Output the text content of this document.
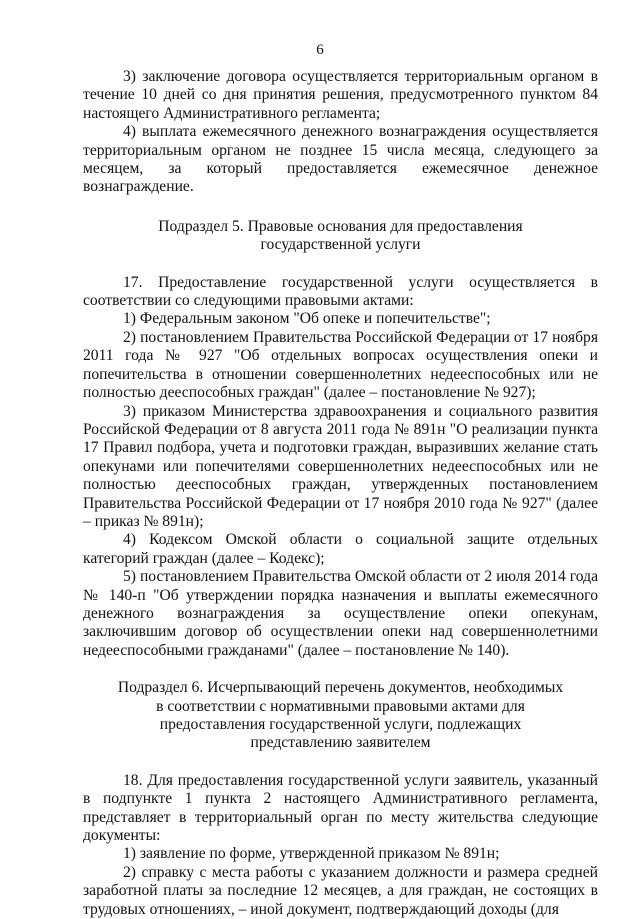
6

3) заключение договора осуществляется территориальным органом в течение 10 дней со дня принятия решения, предусмотренного пунктом 84 настоящего Административного регламента;

4) выплата ежемесячного денежного вознаграждения осуществляется территориальным органом не позднее 15 числа месяца, следующего за месяцем, за который предоставляется ежемесячное денежное вознаграждение.

Подраздел 5. Правовые основания для предоставления
государственной услуги

17. Предоставление государственной услуги осуществляется в соответствии со следующими правовыми актами:

1) Федеральным законом "Об опеке и попечительстве";

2) постановлением Правительства Российской Федерации от 17 ноября 2011 года № 927 "Об отдельных вопросах осуществления опеки и попечительства в отношении совершеннолетних недееспособных или не полностью дееспособных граждан" (далее – постановление № 927);

3) приказом Министерства здравоохранения и социального развития Российской Федерации от 8 августа 2011 года № 891н "О реализации пункта 17 Правил подбора, учета и подготовки граждан, выразивших желание стать опекунами или попечителями совершеннолетних недееспособных или не полностью дееспособных граждан, утвержденных постановлением Правительства Российской Федерации от 17 ноября 2010 года № 927" (далее – приказ № 891н);

4) Кодексом Омской области о социальной защите отдельных категорий граждан (далее – Кодекс);

5) постановлением Правительства Омской области от 2 июля 2014 года № 140-п "Об утверждении порядка назначения и выплаты ежемесячного денежного вознаграждения за осуществление опеки опекунам, заключившим договор об осуществлении опеки над совершеннолетними недееспособными гражданами" (далее – постановление № 140).

Подраздел 6. Исчерпывающий перечень документов, необходимых
в соответствии с нормативными правовыми актами для
предоставления государственной услуги, подлежащих
представлению заявителем

18. Для предоставления государственной услуги заявитель, указанный в подпункте 1 пункта 2 настоящего Административного регламента, представляет в территориальный орган по месту жительства следующие документы:

1) заявление по форме, утвержденной приказом № 891н;

2) справку с места работы с указанием должности и размера средней заработной платы за последние 12 месяцев, а для граждан, не состоящих в трудовых отношениях, – иной документ, подтверждающий доходы (для
